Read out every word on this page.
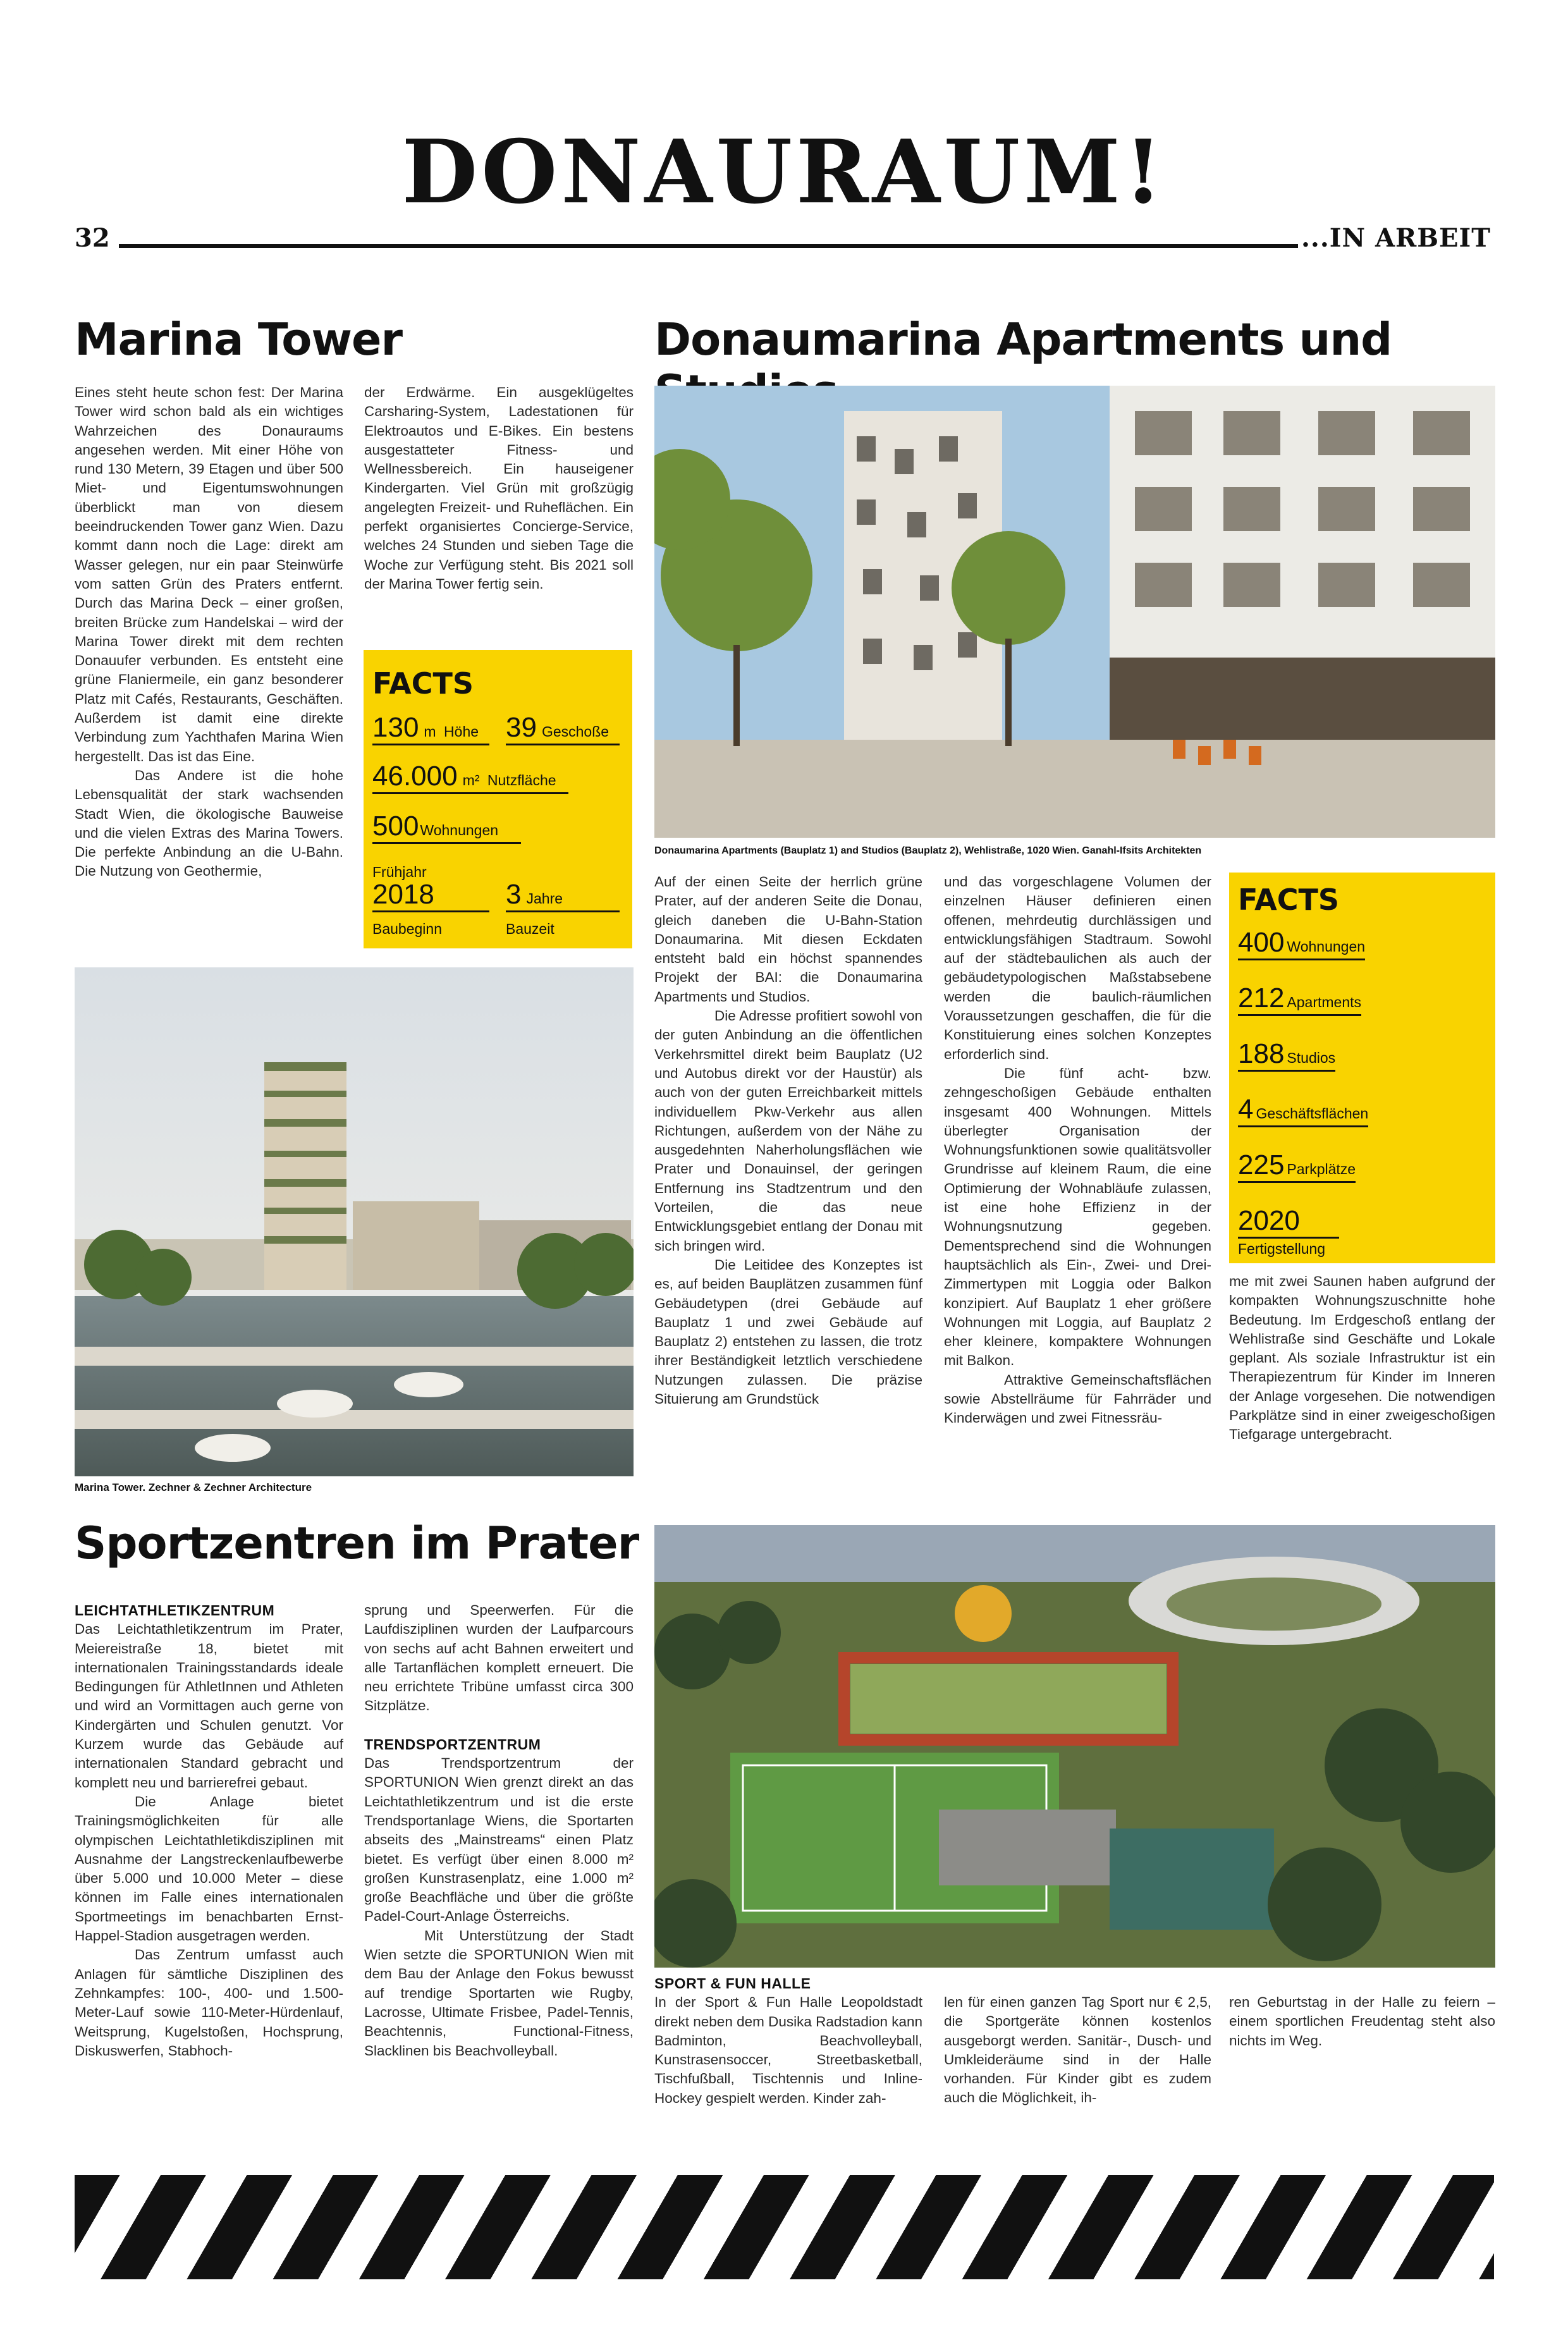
DONAURAUM!
32	...IN ARBEIT
Marina Tower

Eines steht heute schon fest: Der Marina Tower wird schon bald als ein wichtiges Wahrzeichen des Donauraums angesehen werden. Mit einer Höhe von rund 130 Metern, 39 Etagen und über 500 Miet- und Eigentumswohnungen überblickt man von diesem beeindruckenden Tower ganz Wien. Dazu kommt dann noch die Lage: direkt am Wasser gelegen, nur ein paar Steinwürfe vom satten Grün des Praters entfernt. Durch das Marina Deck – einer großen, breiten Brücke zum Handelskai – wird der Marina Tower direkt mit dem rechten Donauufer verbunden. Es entsteht eine grüne Flaniermeile, ein ganz besonderer Platz mit Cafés, Restaurants, Geschäften. Außerdem ist damit eine direkte Verbindung zum Yachthafen Marina Wien hergestellt. Das ist das Eine.

Das Andere ist die hohe Lebensqualität der stark wachsenden Stadt Wien, die ökologische Bauweise und die vielen Extras des Marina Towers. Die perfekte Anbindung an die U-Bahn. Die Nutzung von Geothermie,

der Erdwärme. Ein ausgeklügeltes Carsharing-System, Ladestationen für Elektroautos und E-Bikes. Ein bestens ausgestatteter Fitness- und Wellnessbereich. Ein hauseigener Kindergarten. Viel Grün mit großzügig angelegten Freizeit- und Ruheflächen. Ein perfekt organisiertes Concierge-Service, welches 24 Stunden und sieben Tage die Woche zur Verfügung steht. Bis 2021 soll der Marina Tower fertig sein.

FACTS
130 m Höhe 39 Geschoße
46.000 m² Nutzfläche
500Wohnungen
Frühjahr
2018
Baubeginn
3 Jahre
Bauzeit
Marina Tower. Zechner & Zechner Architecture
Donaumarina Apartments und
Donaumarina Apartments (Bauplatz 1) and Studios (Bauplatz 2), Wehlistraße, 1020 Wien. Ganahl-Ifsits Architekten

Auf der einen Seite der herrlich grüne Prater, auf der anderen Seite die Donau, gleich daneben die U-Bahn-Station Donaumarina. Mit diesen Eckdaten entsteht bald ein höchst spannendes Projekt der BAI: die Donaumarina Apartments und Studios.

Die Adresse profitiert sowohl von der guten Anbindung an die öffentlichen Verkehrsmittel direkt beim Bauplatz (U2 und Autobus direkt vor der Haustür) als auch von der guten Erreichbarkeit mittels individuellem Pkw-Verkehr aus allen Richtungen, außerdem von der Nähe zu ausgedehnten Naherholungsflächen wie Prater und Donauinsel, der geringen Entfernung ins Stadtzentrum und den Vorteilen, die das neue Entwicklungsgebiet entlang der Donau mit sich bringen wird.

Die Leitidee des Konzeptes ist es, auf beiden Bauplätzen zusammen fünf Gebäudetypen (drei Gebäude auf Bauplatz 1 und zwei Gebäude auf Bauplatz 2) entstehen zu lassen, die trotz ihrer Beständigkeit letztlich verschiedene Nutzungen zulassen. Die präzise Situierung am Grundstück

und das vorgeschlagene Volumen der einzelnen Häuser definieren einen offenen, mehrdeutig durchlässigen und entwicklungsfähigen Stadtraum. Sowohl auf der städtebaulichen als auch der gebäudetypologischen Maßstabsebene werden die baulich-räumlichen Voraussetzungen geschaffen, die für die Konstituierung eines solchen Konzeptes erforderlich sind.

Die fünf acht- bzw. zehngeschoßigen Gebäude enthalten insgesamt 400 Wohnungen. Mittels überlegter Organisation der Wohnungsfunktionen sowie qualitätsvoller Grundrisse auf kleinem Raum, die eine Optimierung der Wohnabläufe zulassen, ist eine hohe Effizienz in der Wohnungsnutzung gegeben. Dementsprechend sind die Wohnungen hauptsächlich als Ein-, Zwei- und Drei-Zimmertypen mit Loggia oder Balkon konzipiert. Auf Bauplatz 1 eher größere Wohnungen mit Loggia, auf Bauplatz 2 eher kleinere, kompaktere Wohnungen mit Balkon.

Attraktive Gemeinschaftsflächen sowie Abstellräume für Fahrräder und Kinderwägen und zwei Fitnessräu-

FACTS
400 Wohnungen
212 Apartments
188 Studios
4 Geschäftsflächen
225 Parkplätze
2020
Fertigstellung

me mit zwei Saunen haben aufgrund der kompakten Wohnungszuschnitte hohe Bedeutung. Im Erdgeschoß entlang der Wehlistraße sind Geschäfte und Lokale geplant. Als soziale Infrastruktur ist ein Therapiezentrum für Kinder im Inneren der Anlage vorgesehen. Die notwendigen Parkplätze sind in einer zweigeschoßigen Tiefgarage untergebracht.

Sportzentren im Prater

LEICHTATHLETIKZENTRUM

Das Leichtathletikzentrum im Prater, Meiereistraße 18, bietet mit internationalen Trainingsstandards ideale Bedingungen für AthletInnen und Athleten und wird an Vormittagen auch gerne von Kindergärten und Schulen genutzt. Vor Kurzem wurde das Gebäude auf internationalen Standard gebracht und komplett neu und barrierefrei gebaut.

Die Anlage bietet Trainingsmöglichkeiten für alle olympischen Leichtathletikdisziplinen mit Ausnahme der Langstreckenlaufbewerbe über 5.000 und 10.000 Meter – diese können im Falle eines internationalen Sportmeetings im benachbarten Ernst-Happel-Stadion ausgetragen werden.

Das Zentrum umfasst auch Anlagen für sämtliche Disziplinen des Zehnkampfes: 100-, 400- und 1.500-Meter-Lauf sowie 110-Meter-Hürdenlauf, Weitsprung, Kugelstoßen, Hochsprung, Diskuswerfen, Stabhoch-

sprung und Speerwerfen. Für die Laufdisziplinen wurden der Laufparcours von sechs auf acht Bahnen erweitert und alle Tartanflächen komplett erneuert. Die neu errichtete Tribüne umfasst circa 300 Sitzplätze.

TRENDSPORTZENTRUM

Das Trendsportzentrum der SPORTUNION Wien grenzt direkt an das Leichtathletikzentrum und ist die erste Trendsportanlage Wiens, die Sportarten abseits des „Mainstreams“ einen Platz bietet. Es verfügt über einen 8.000 m² großen Kunstrasenplatz, eine 1.000 m² große Beachfläche und über die größte Padel-Court-Anlage Österreichs.

Mit Unterstützung der Stadt Wien setzte die SPORTUNION Wien mit dem Bau der Anlage den Fokus bewusst auf trendige Sportarten wie Rugby, Lacrosse, Ultimate Frisbee, Padel-Tennis, Beachtennis, Functional-Fitness, Slacklinen bis Beachvolleyball.

SPORT & FUN HALLE

In der Sport & Fun Halle Leopoldstadt direkt neben dem Dusika Radstadion kann Badminton, Beachvolleyball, Kunstrasensoccer, Streetbasketball, Tischfußball, Tischtennis und Inline-Hockey gespielt werden. Kinder zah-

len für einen ganzen Tag Sport nur € 2,5, die Sportgeräte können kostenlos ausgeborgt werden. Sanitär-, Dusch- und Umkleideräume sind in der Halle vorhanden. Für Kinder gibt es zudem auch die Möglichkeit, ih-

ren Geburtstag in der Halle zu feiern – einem sportlichen Freudentag steht also nichts im Weg.
